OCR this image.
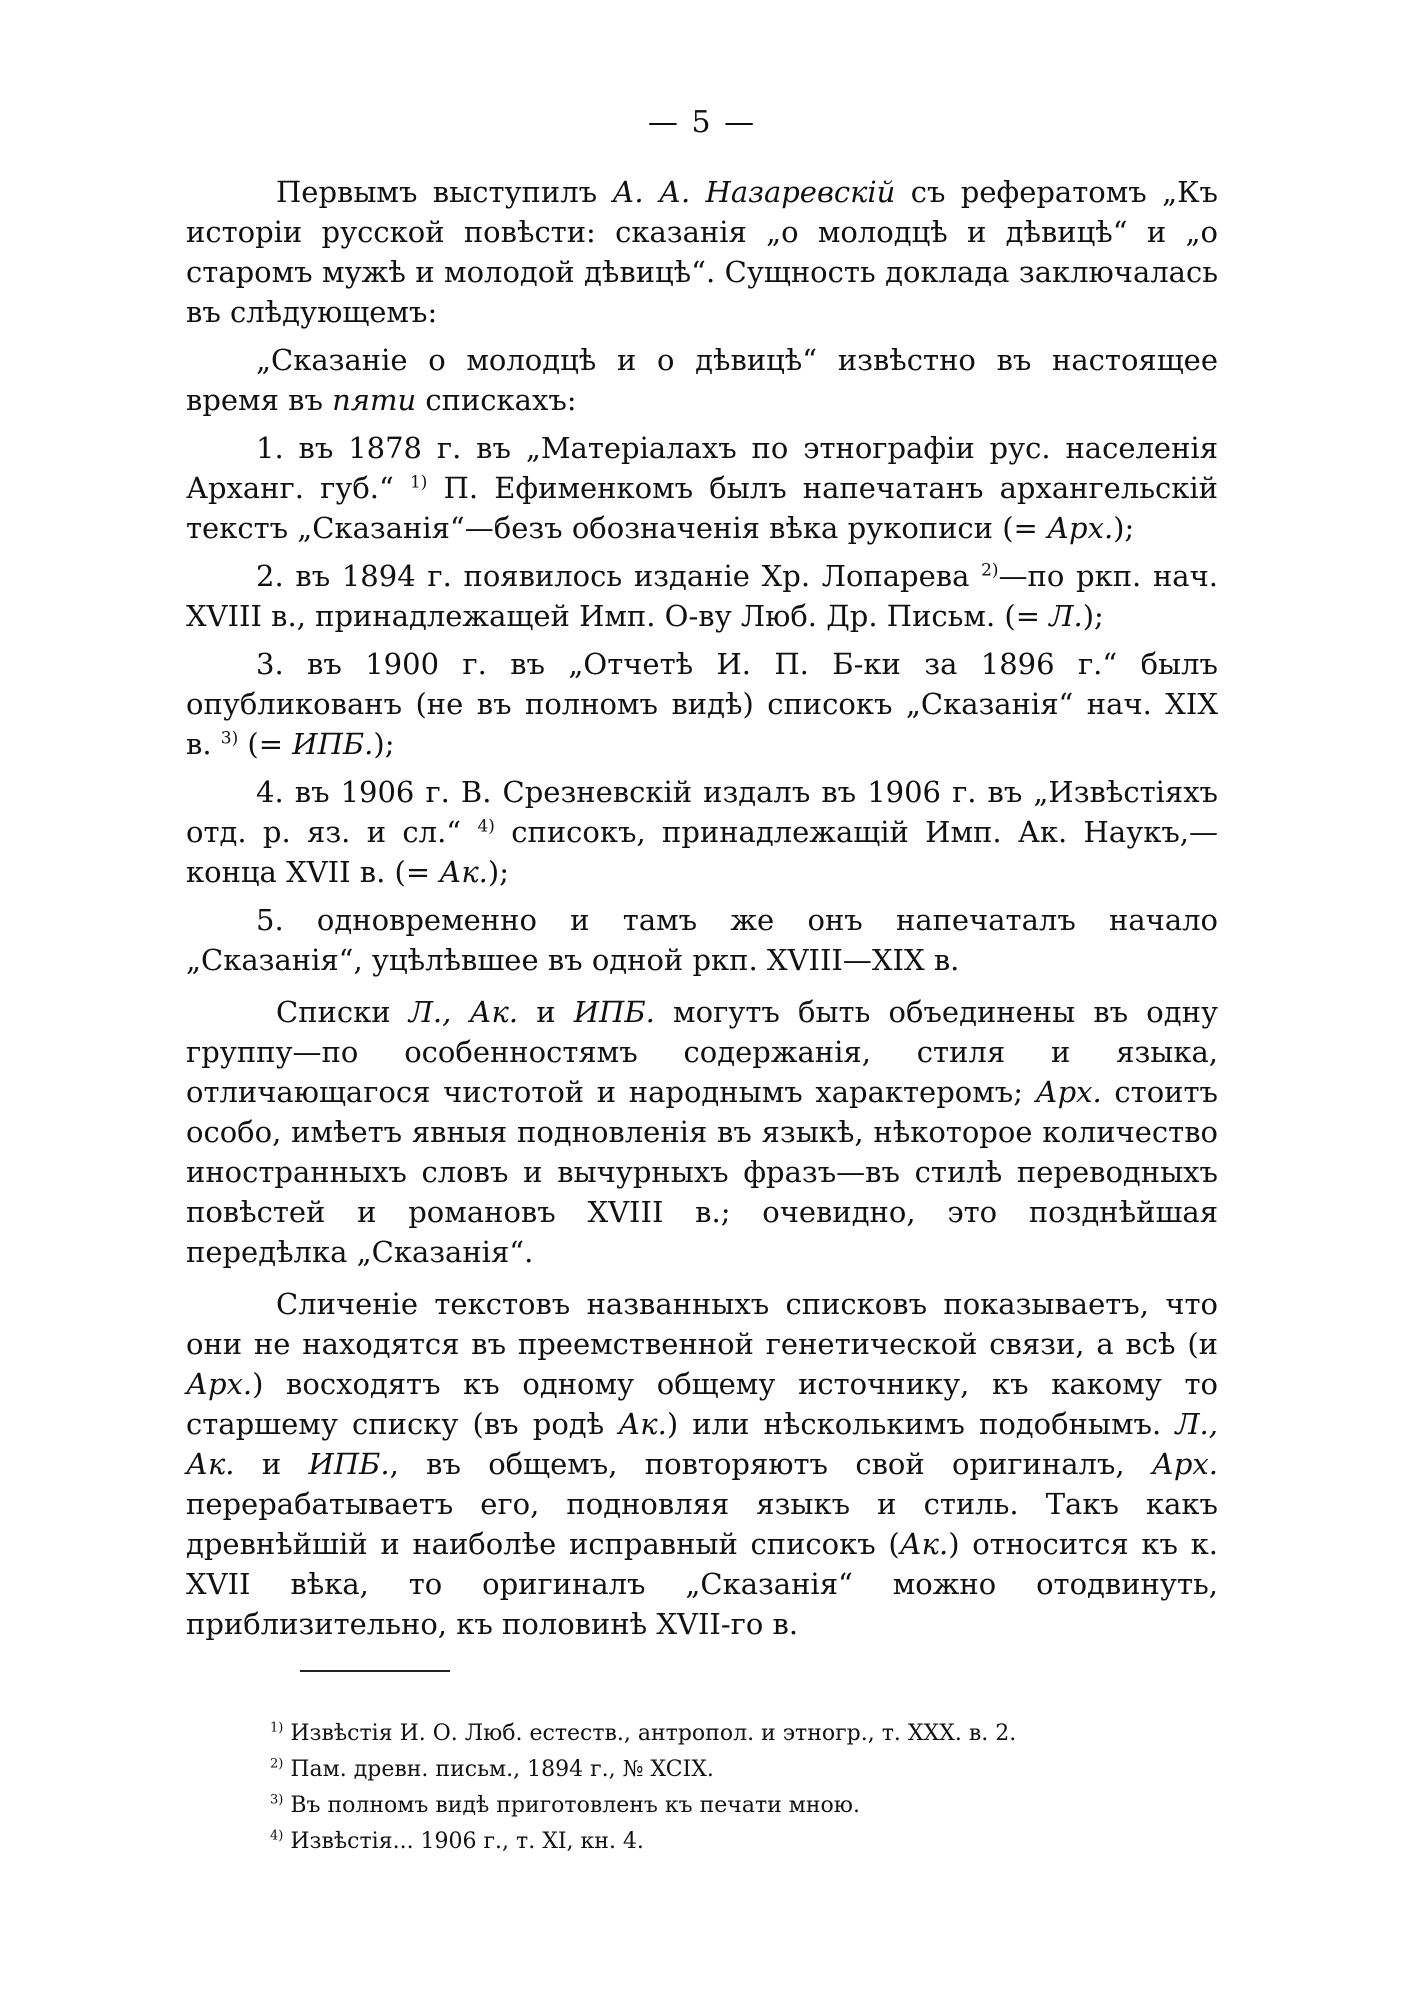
— 5 —

Первымъ выступилъ А. А. Назаревскій съ рефератомъ „Къ исторіи русской повѣсти: сказанія „о молодцѣ и дѣвицѣ“ и „о старомъ мужѣ и молодой дѣвицѣ“. Сущность доклада заключалась въ слѣдующемъ:

„Сказаніе о молодцѣ и о дѣвицѣ“ извѣстно въ настоящее время въ пяти спискахъ:

1. въ 1878 г. въ „Матеріалахъ по этнографіи рус. населенія Арханг. губ.“ $^{1)}$ П. Ефименкомъ былъ напечатанъ архангельскій текстъ „Сказанія“—безъ обозначенія вѣка рукописи (= Арх.);

2. въ 1894 г. появилось изданіе Хр. Лопарева $^{2)}$—по ркп. нач. XVIII в., принадлежащей Имп. О-ву Люб. Др. Письм. (= Л.);

3. въ 1900 г. въ „Отчетѣ И. П. Б-ки за 1896 г.“ былъ опубликованъ (не въ полномъ видѣ) списокъ „Сказанія“ нач. XIX в. $^{3)}$ (= ИПБ.);

4. въ 1906 г. В. Срезневскій издалъ въ 1906 г. въ „Извѣстіяхъ отд. р. яз. и сл.“ $^{4)}$ списокъ, принадлежащій Имп. Ак. Наукъ,—конца XVII в. (= Ак.);

5. одновременно и тамъ же онъ напечаталъ начало „Сказанія“, уцѣлѣвшее въ одной ркп. XVIII—XIX в.

Списки Л., Ак. и ИПБ. могутъ быть объединены въ одну группу—по особенностямъ содержанія, стиля и языка, отличающагося чистотой и народнымъ характеромъ; Арх. стоитъ особо, имѣетъ явныя подновленія въ языкѣ, нѣкоторое количество иностранныхъ словъ и вычурныхъ фразъ—въ стилѣ переводныхъ повѣстей и романовъ XVIII в.; очевидно, это позднѣйшая передѣлка „Сказанія“.

Сличеніе текстовъ названныхъ списковъ показываетъ, что они не находятся въ преемственной генетической связи, а всѣ (и Арх.) восходятъ къ одному общему источнику, къ какому то старшему списку (въ родѣ Ак.) или нѣсколькимъ подобнымъ. Л., Ак. и ИПБ., въ общемъ, повторяютъ свой оригиналъ, Арх. перерабатываетъ его, подновляя языкъ и стиль. Такъ какъ древнѣйшій и наиболѣе исправный списокъ (Ак.) относится къ к. XVII вѣка, то оригиналъ „Сказанія“ можно отодвинуть, приблизительно, къ половинѣ XVII-го в.

$^{1)}$ Извѣстія И. О. Люб. естеств., антропол. и этногр., т. XXX. в. 2.
$^{2)}$ Пам. древн. письм., 1894 г., № XCIX.
$^{3)}$ Въ полномъ видѣ приготовленъ къ печати мною.
$^{4)}$ Извѣстія... 1906 г., т. XI, кн. 4.
